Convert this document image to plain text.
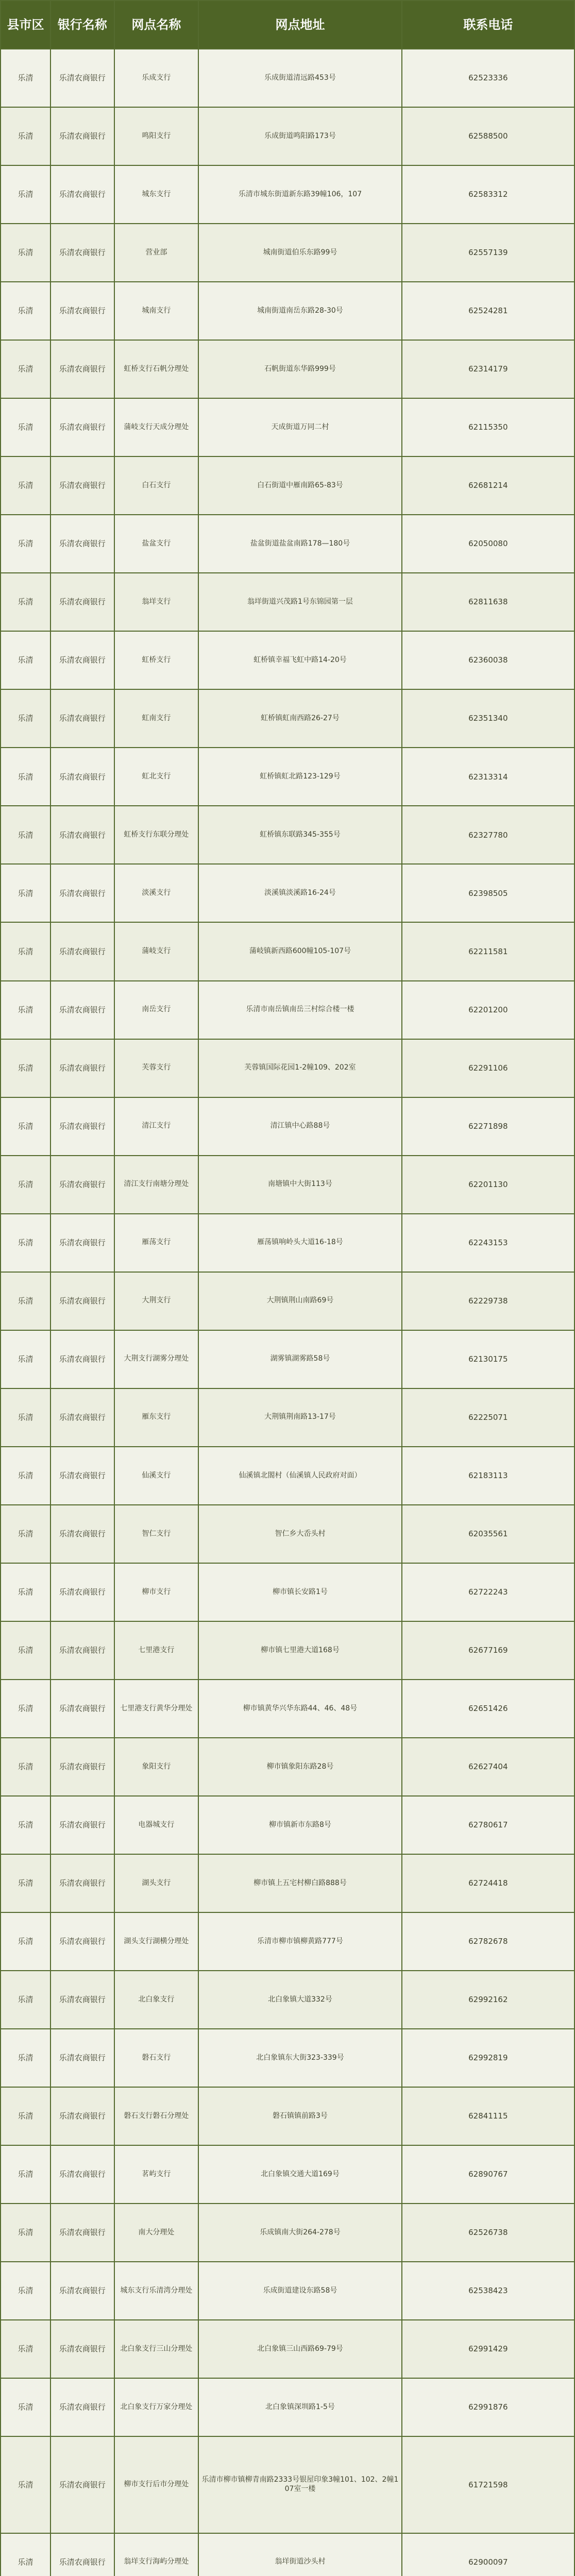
县市区	银行名称	网点名称	网点地址	联系电话
乐清	乐清农商银行	乐成支行	乐成街道清远路453号	62523336
乐清	乐清农商银行	鸣阳支行	乐成街道鸣阳路173号	62588500
乐清	乐清农商银行	城东支行	乐清市城东街道新东路39幢106，107	62583312
乐清	乐清农商银行	营业部	城南街道伯乐东路99号	62557139
乐清	乐清农商银行	城南支行	城南街道南岳东路28-30号	62524281
乐清	乐清农商银行	虹桥支行石帆分理处	石帆街道东华路999号	62314179
乐清	乐清农商银行	蒲岐支行天成分理处	天成街道万同二村	62115350
乐清	乐清农商银行	白石支行	白石街道中雁南路65-83号	62681214
乐清	乐清农商银行	盐盆支行	盐盆街道盐盆南路178—180号	62050080
乐清	乐清农商银行	翁垟支行	翁垟街道兴茂路1号东锦园第一层	62811638
乐清	乐清农商银行	虹桥支行	虹桥镇幸福飞虹中路14-20号	62360038
乐清	乐清农商银行	虹南支行	虹桥镇虹南西路26-27号	62351340
乐清	乐清农商银行	虹北支行	虹桥镇虹北路123-129号	62313314
乐清	乐清农商银行	虹桥支行东联分理处	虹桥镇东联路345-355号	62327780
乐清	乐清农商银行	淡溪支行	淡溪镇淡溪路16-24号	62398505
乐清	乐清农商银行	蒲岐支行	蒲岐镇新西路600幢105-107号	62211581
乐清	乐清农商银行	南岳支行	乐清市南岳镇南岳三村综合楼一楼	62201200
乐清	乐清农商银行	芙蓉支行	芙蓉镇国际花园1-2幢109、202室	62291106
乐清	乐清农商银行	清江支行	清江镇中心路88号	62271898
乐清	乐清农商银行	清江支行南塘分理处	南塘镇中大街113号	62201130
乐清	乐清农商银行	雁荡支行	雁荡镇响岭头大道16-18号	62243153
乐清	乐清农商银行	大荆支行	大荆镇荆山南路69号	62229738
乐清	乐清农商银行	大荆支行湖雾分理处	湖雾镇湖雾路58号	62130175
乐清	乐清农商银行	雁东支行	大荆镇荆南路13-17号	62225071
乐清	乐清农商银行	仙溪支行	仙溪镇北閤村（仙溪镇人民政府对面）	62183113
乐清	乐清农商银行	智仁支行	智仁乡大岙头村	62035561
乐清	乐清农商银行	柳市支行	柳市镇长安路1号	62722243
乐清	乐清农商银行	七里港支行	柳市镇七里港大道168号	62677169
乐清	乐清农商银行	七里港支行黄华分理处	柳市镇黄华兴华东路44、46、48号	62651426
乐清	乐清农商银行	象阳支行	柳市镇象阳东路28号	62627404
乐清	乐清农商银行	电器城支行	柳市镇新市东路8号	62780617
乐清	乐清农商银行	湖头支行	柳市镇上五宅村柳白路888号	62724418
乐清	乐清农商银行	湖头支行湖横分理处	乐清市柳市镇柳黄路777号	62782678
乐清	乐清农商银行	北白象支行	北白象镇大道332号	62992162
乐清	乐清农商银行	磐石支行	北白象镇东大街323-339号	62992819
乐清	乐清农商银行	磐石支行磐石分理处	磐石镇镇前路3号	62841115
乐清	乐清农商银行	茗屿支行	北白象镇交通大道169号	62890767
乐清	乐清农商银行	南大分理处	乐成镇南大街264-278号	62526738
乐清	乐清农商银行	城东支行乐清湾分理处	乐成街道建设东路58号	62538423
乐清	乐清农商银行	北白象支行三山分理处	北白象镇三山西路69-79号	62991429
乐清	乐清农商银行	北白象支行万家分理处	北白象镇深圳路1-5号	62991876
乐清	乐清农商银行	柳市支行后市分理处	乐清市柳市镇柳青南路2333号银屋印象3幢101、102、2幢107室一楼	61721598
乐清	乐清农商银行	翁垟支行海屿分理处	翁垟街道沙头村	62900097
